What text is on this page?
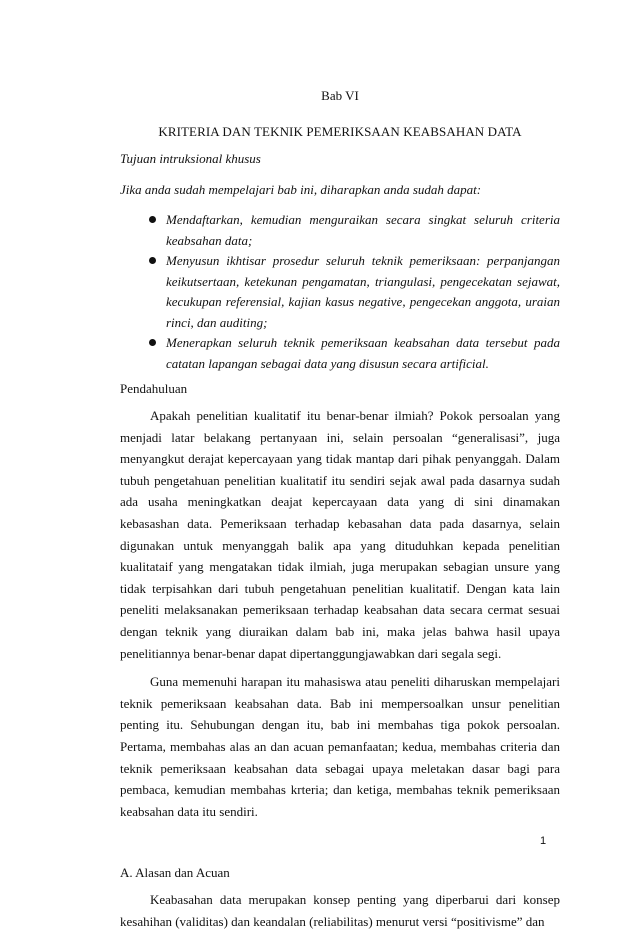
Bab VI

KRITERIA DAN TEKNIK PEMERIKSAAN KEABSAHAN DATA

Tujuan intruksional khusus

Jika anda sudah mempelajari bab ini, diharapkan anda sudah dapat:

Mendaftarkan, kemudian menguraikan secara singkat seluruh criteria keabsahan data;
Menyusun ikhtisar prosedur seluruh teknik pemeriksaan: perpanjangan keikutsertaan, ketekunan pengamatan, triangulasi, pengecekatan sejawat, kecukupan referensial, kajian kasus negative, pengecekan anggota, uraian rinci, dan auditing;
Menerapkan seluruh teknik pemeriksaan keabsahan data tersebut pada catatan lapangan sebagai data yang disusun secara artificial.

Pendahuluan

Apakah penelitian kualitatif itu benar-benar ilmiah? Pokok persoalan yang menjadi latar belakang pertanyaan ini, selain persoalan “generalisasi”, juga menyangkut derajat kepercayaan yang tidak mantap dari pihak penyanggah. Dalam tubuh pengetahuan penelitian kualitatif itu sendiri sejak awal pada dasarnya sudah ada usaha meningkatkan deajat kepercayaan data yang di sini dinamakan kebasashan data. Pemeriksaan terhadap kebasahan data pada dasarnya, selain digunakan untuk menyanggah balik apa yang dituduhkan kepada penelitian kualitataif yang mengatakan tidak ilmiah, juga merupakan sebagian unsure yang tidak terpisahkan dari tubuh pengetahuan penelitian kualitatif. Dengan kata lain peneliti melaksanakan pemeriksaan terhadap keabsahan data secara cermat sesuai dengan teknik yang diuraikan dalam bab ini, maka jelas bahwa hasil upaya penelitiannya benar-benar dapat dipertanggungjawabkan dari segala segi.

Guna memenuhi harapan itu mahasiswa atau peneliti diharuskan mempelajari teknik pemeriksaan keabsahan data. Bab ini mempersoalkan unsur penelitian penting itu. Sehubungan dengan itu, bab ini membahas tiga pokok persoalan. Pertama, membahas alas an dan acuan pemanfaatan; kedua, membahas criteria dan teknik pemeriksaan keabsahan data sebagai upaya meletakan dasar bagi para pembaca, kemudian membahas krteria; dan ketiga, membahas teknik pemeriksaan keabsahan data itu sendiri.

A. Alasan dan Acuan

Keabasahan data merupakan konsep penting yang diperbarui dari konsep kesahihan (validitas) dan keandalan (reliabilitas) menurut versi “positivisme” dan

1
